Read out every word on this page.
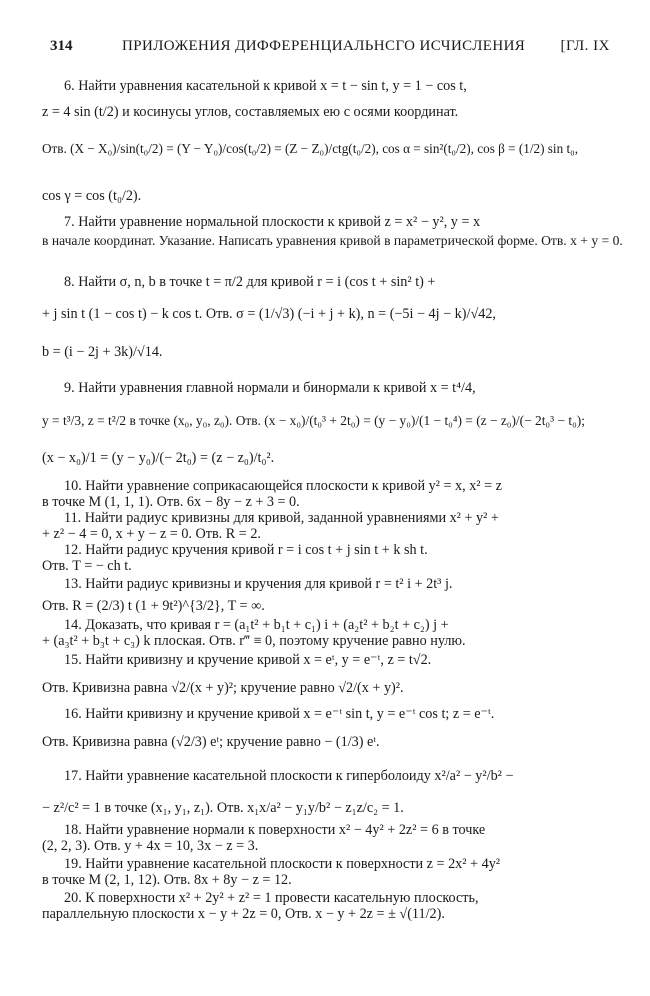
314	ПРИЛОЖЕНИЯ ДИФФЕРЕНЦИАЛЬНСГО ИСЧИСЛЕНИЯ [ГЛ. IX
6. Найти уравнения касательной к кривой x = t − sin t, y = 1 − cos t,
z = 4 sin (t/2) и косинусы углов, составляемых ею с осями координат.
Отв. (X − X₀)/sin(t₀/2) = (Y − Y₀)/cos(t₀/2) = (Z − Z₀)/ctg(t₀/2), cos α = sin²(t₀/2), cos β = (1/2) sin t₀,
cos γ = cos (t₀/2).
7. Найти уравнение нормальной плоскости к кривой z = x² − y², y = x
в начале координат. Указание. Написать уравнения кривой в параметрической форме. Отв. x + y = 0.
8. Найти σ, n, b в точке t = π/2 для кривой r = i (cos t + sin² t) +
+ j sin t (1 − cos t) − k cos t. Отв. σ = (1/√3) (−i + j + k), n = (−5i − 4j − k)/√42,
b = (i − 2j + 3k)/√14.
9. Найти уравнения главной нормали и бинормали к кривой x = t⁴/4,
y = t³/3, z = t²/2 в точке (x₀, y₀, z₀). Отв. (x − x₀)/(t₀³ + 2t₀) = (y − y₀)/(1 − t₀⁴) = (z − z₀)/(− 2t₀³ − t₀);
(x − x₀)/1 = (y − y₀)/(− 2t₀) = (z − z₀)/t₀².
10. Найти уравнение соприкасающейся плоскости к кривой y² = x, x² = z
в точке M (1, 1, 1). Отв. 6x − 8y − z + 3 = 0.
11. Найти радиус кривизны для кривой, заданной уравнениями x² + y² +
+ z² − 4 = 0, x + y − z = 0. Отв. R = 2.
12. Найти радиус кручения кривой r = i cos t + j sin t + k sh t.
Отв. T = − ch t.
13. Найти радиус кривизны и кручения для кривой r = t² i + 2t³ j.
Отв. R = (2/3) t (1 + 9t²)^{3/2}, T = ∞.
14. Доказать, что кривая r = (a₁t² + b₁t + c₁) i + (a₂t² + b₂t + c₂) j +
+ (a₃t² + b₃t + c₃) k плоская. Отв. r‴ ≡ 0, поэтому кручение равно нулю.
15. Найти кривизну и кручение кривой x = eᵗ, y = e⁻ᵗ, z = t√2.
Отв. Кривизна равна √2/(x + y)²; кручение равно √2/(x + y)².
16. Найти кривизну и кручение кривой x = e⁻ᵗ sin t, y = e⁻ᵗ cos t; z = e⁻ᵗ.
Отв. Кривизна равна (√2/3) eᵗ; кручение равно − (1/3) eᵗ.
17. Найти уравнение касательной плоскости к гиперболоиду x²/a² − y²/b² −
− z²/c² = 1 в точке (x₁, y₁, z₁). Отв. x₁x/a² − y₁y/b² − z₁z/c₂ = 1.
18. Найти уравнение нормали к поверхности x² − 4y² + 2z² = 6 в точке
(2, 2, 3). Отв. y + 4x = 10, 3x − z = 3.
19. Найти уравнение касательной плоскости к поверхности z = 2x² + 4y²
в точке M (2, 1, 12). Отв. 8x + 8y − z = 12.
20. К поверхности x² + 2y² + z² = 1 провести касательную плоскость,
параллельную плоскости x − y + 2z = 0, Отв. x − y + 2z = ± √(11/2).
